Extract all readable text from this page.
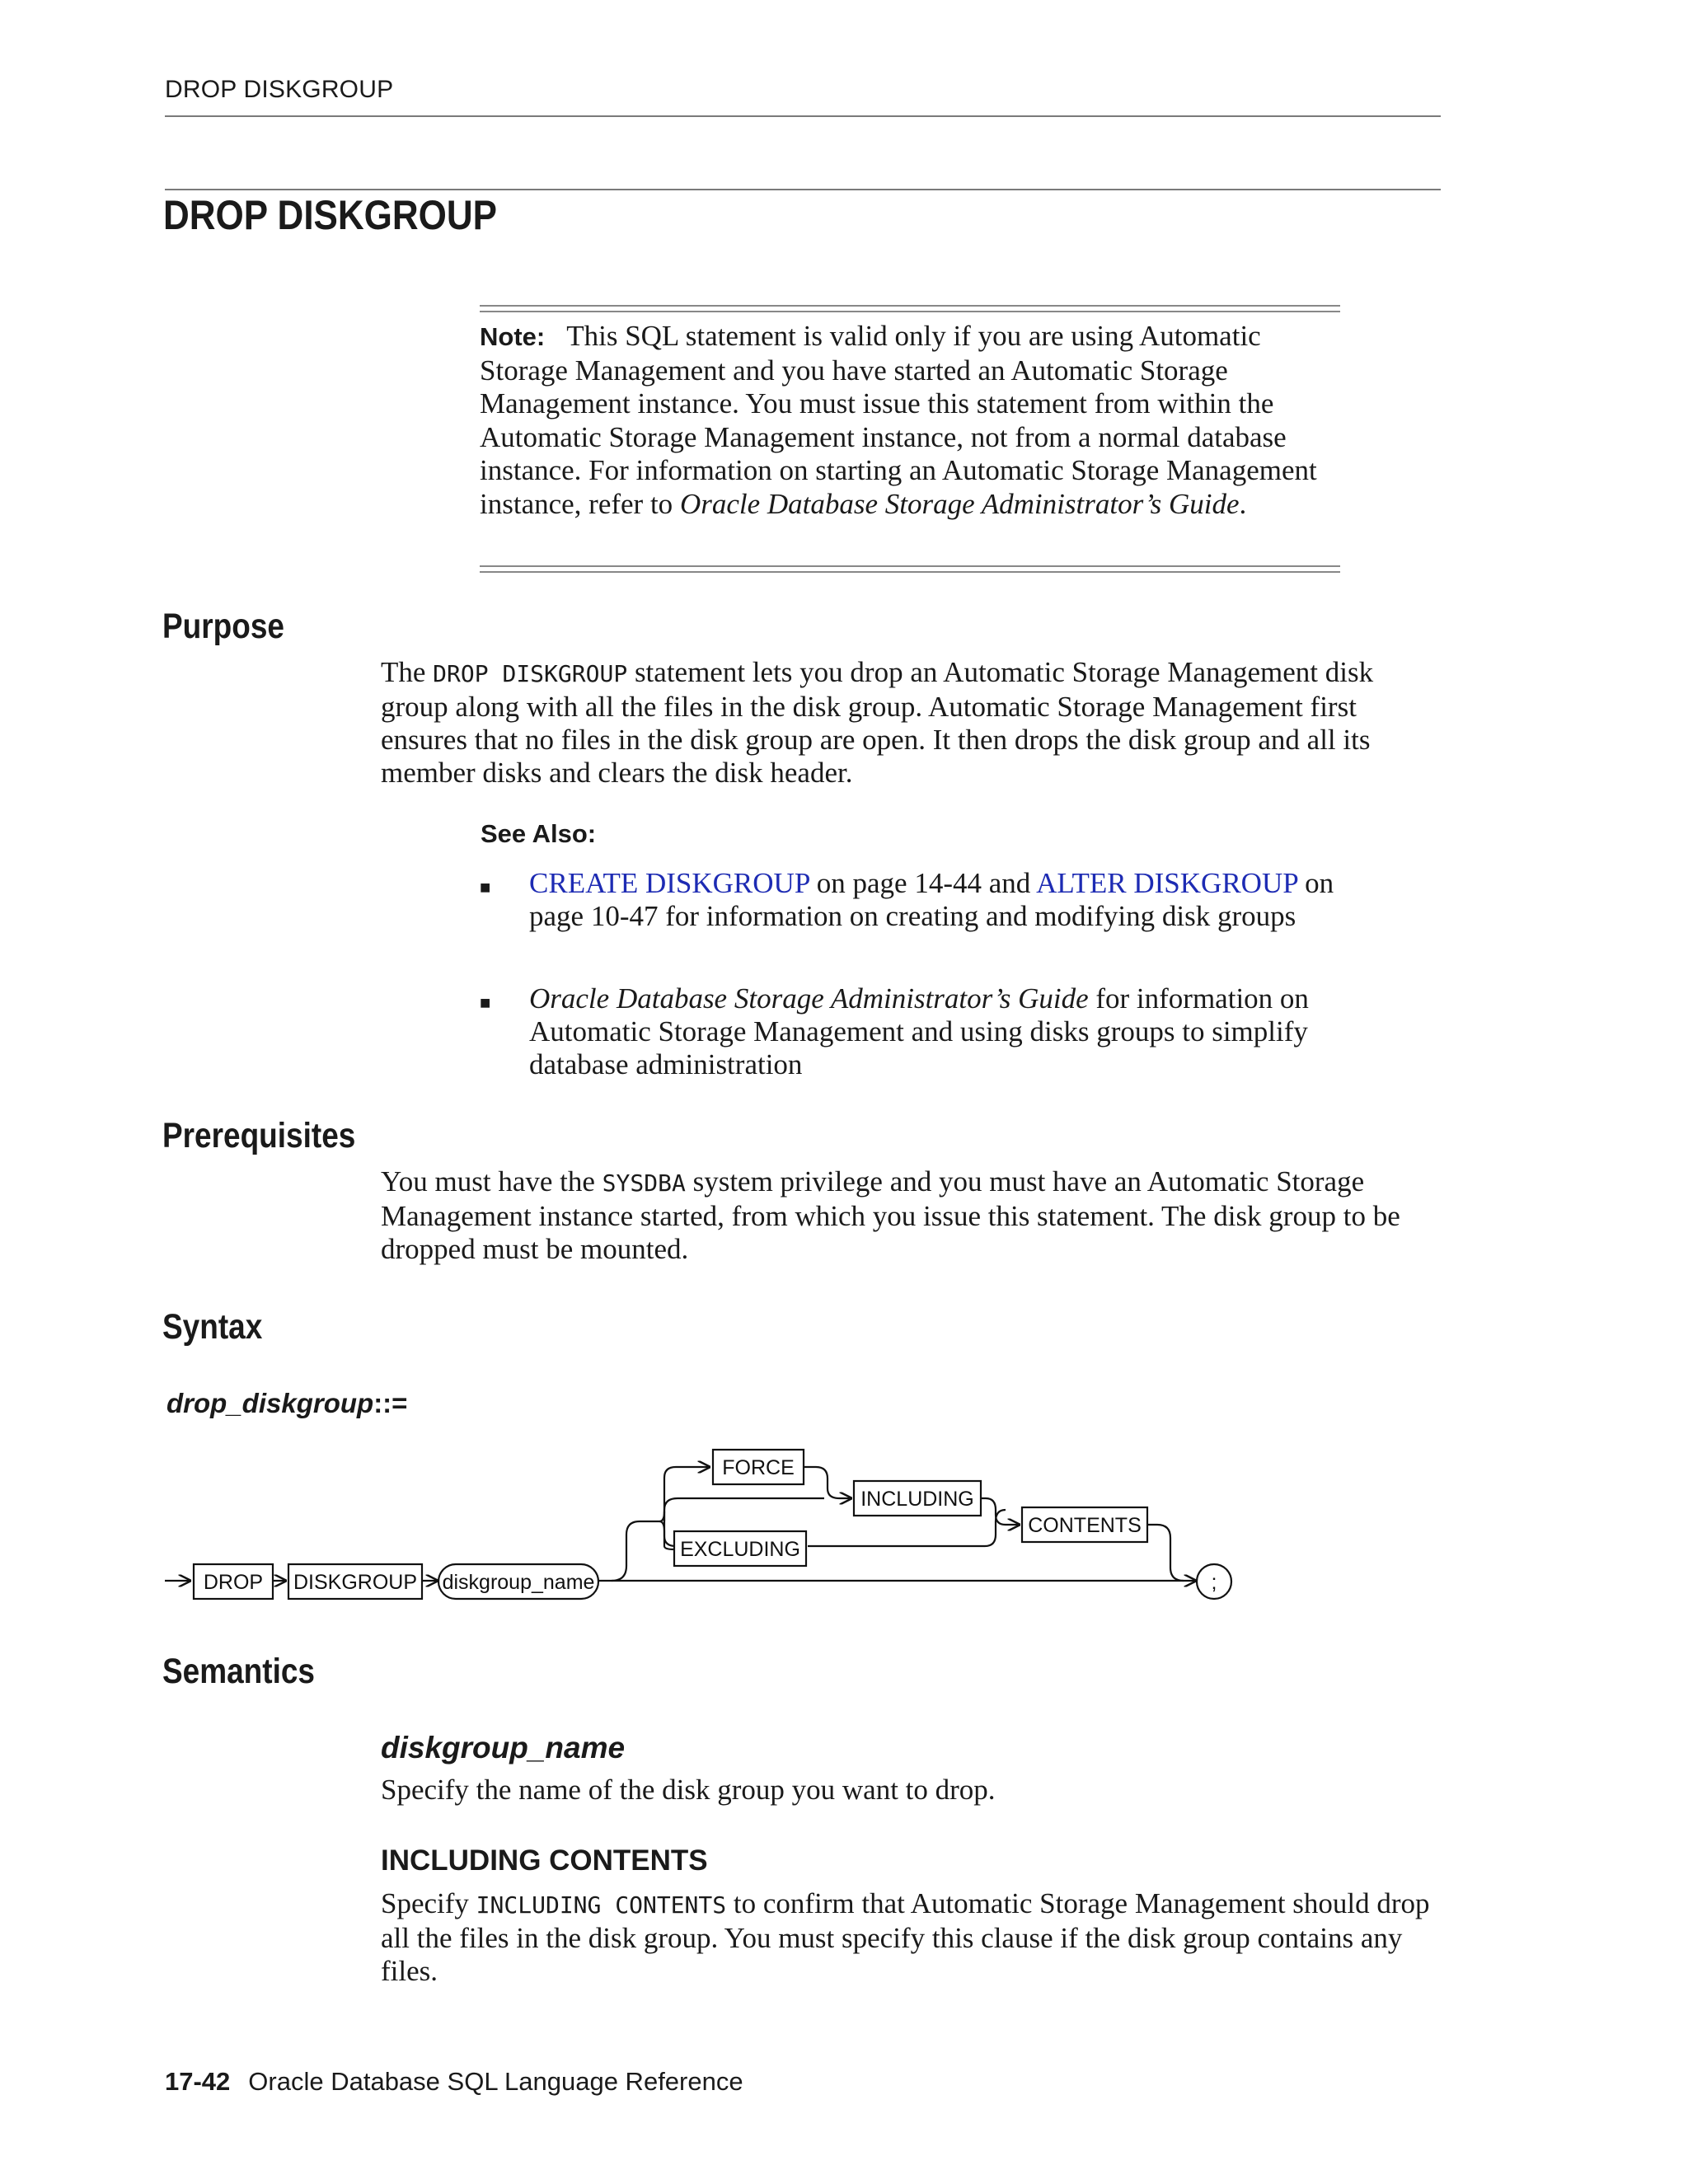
DROP DISKGROUP
DROP DISKGROUP
Note: This SQL statement is valid only if you are using Automatic Storage Management and you have started an Automatic Storage Management instance. You must issue this statement from within the Automatic Storage Management instance, not from a normal database instance. For information on starting an Automatic Storage Management instance, refer to Oracle Database Storage Administrator’s Guide.
Purpose
The DROP DISKGROUP statement lets you drop an Automatic Storage Management disk group along with all the files in the disk group. Automatic Storage Management first ensures that no files in the disk group are open. It then drops the disk group and all its member disks and clears the disk header.
See Also:
■ CREATE DISKGROUP on page 14-44 and ALTER DISKGROUP on page 10-47 for information on creating and modifying disk groups
■ Oracle Database Storage Administrator’s Guide for information on Automatic Storage Management and using disks groups to simplify database administration
Prerequisites
You must have the SYSDBA system privilege and you must have an Automatic Storage Management instance started, from which you issue this statement. The disk group to be dropped must be mounted.
Syntax
drop_diskgroup::=
DROP DISKGROUP diskgroup_name
FORCE
INCLUDING
EXCLUDING
CONTENTS
;
Semantics
diskgroup_name
Specify the name of the disk group you want to drop.
INCLUDING CONTENTS
Specify INCLUDING CONTENTS to confirm that Automatic Storage Management should drop all the files in the disk group. You must specify this clause if the disk group contains any files.
17-42 Oracle Database SQL Language Reference
